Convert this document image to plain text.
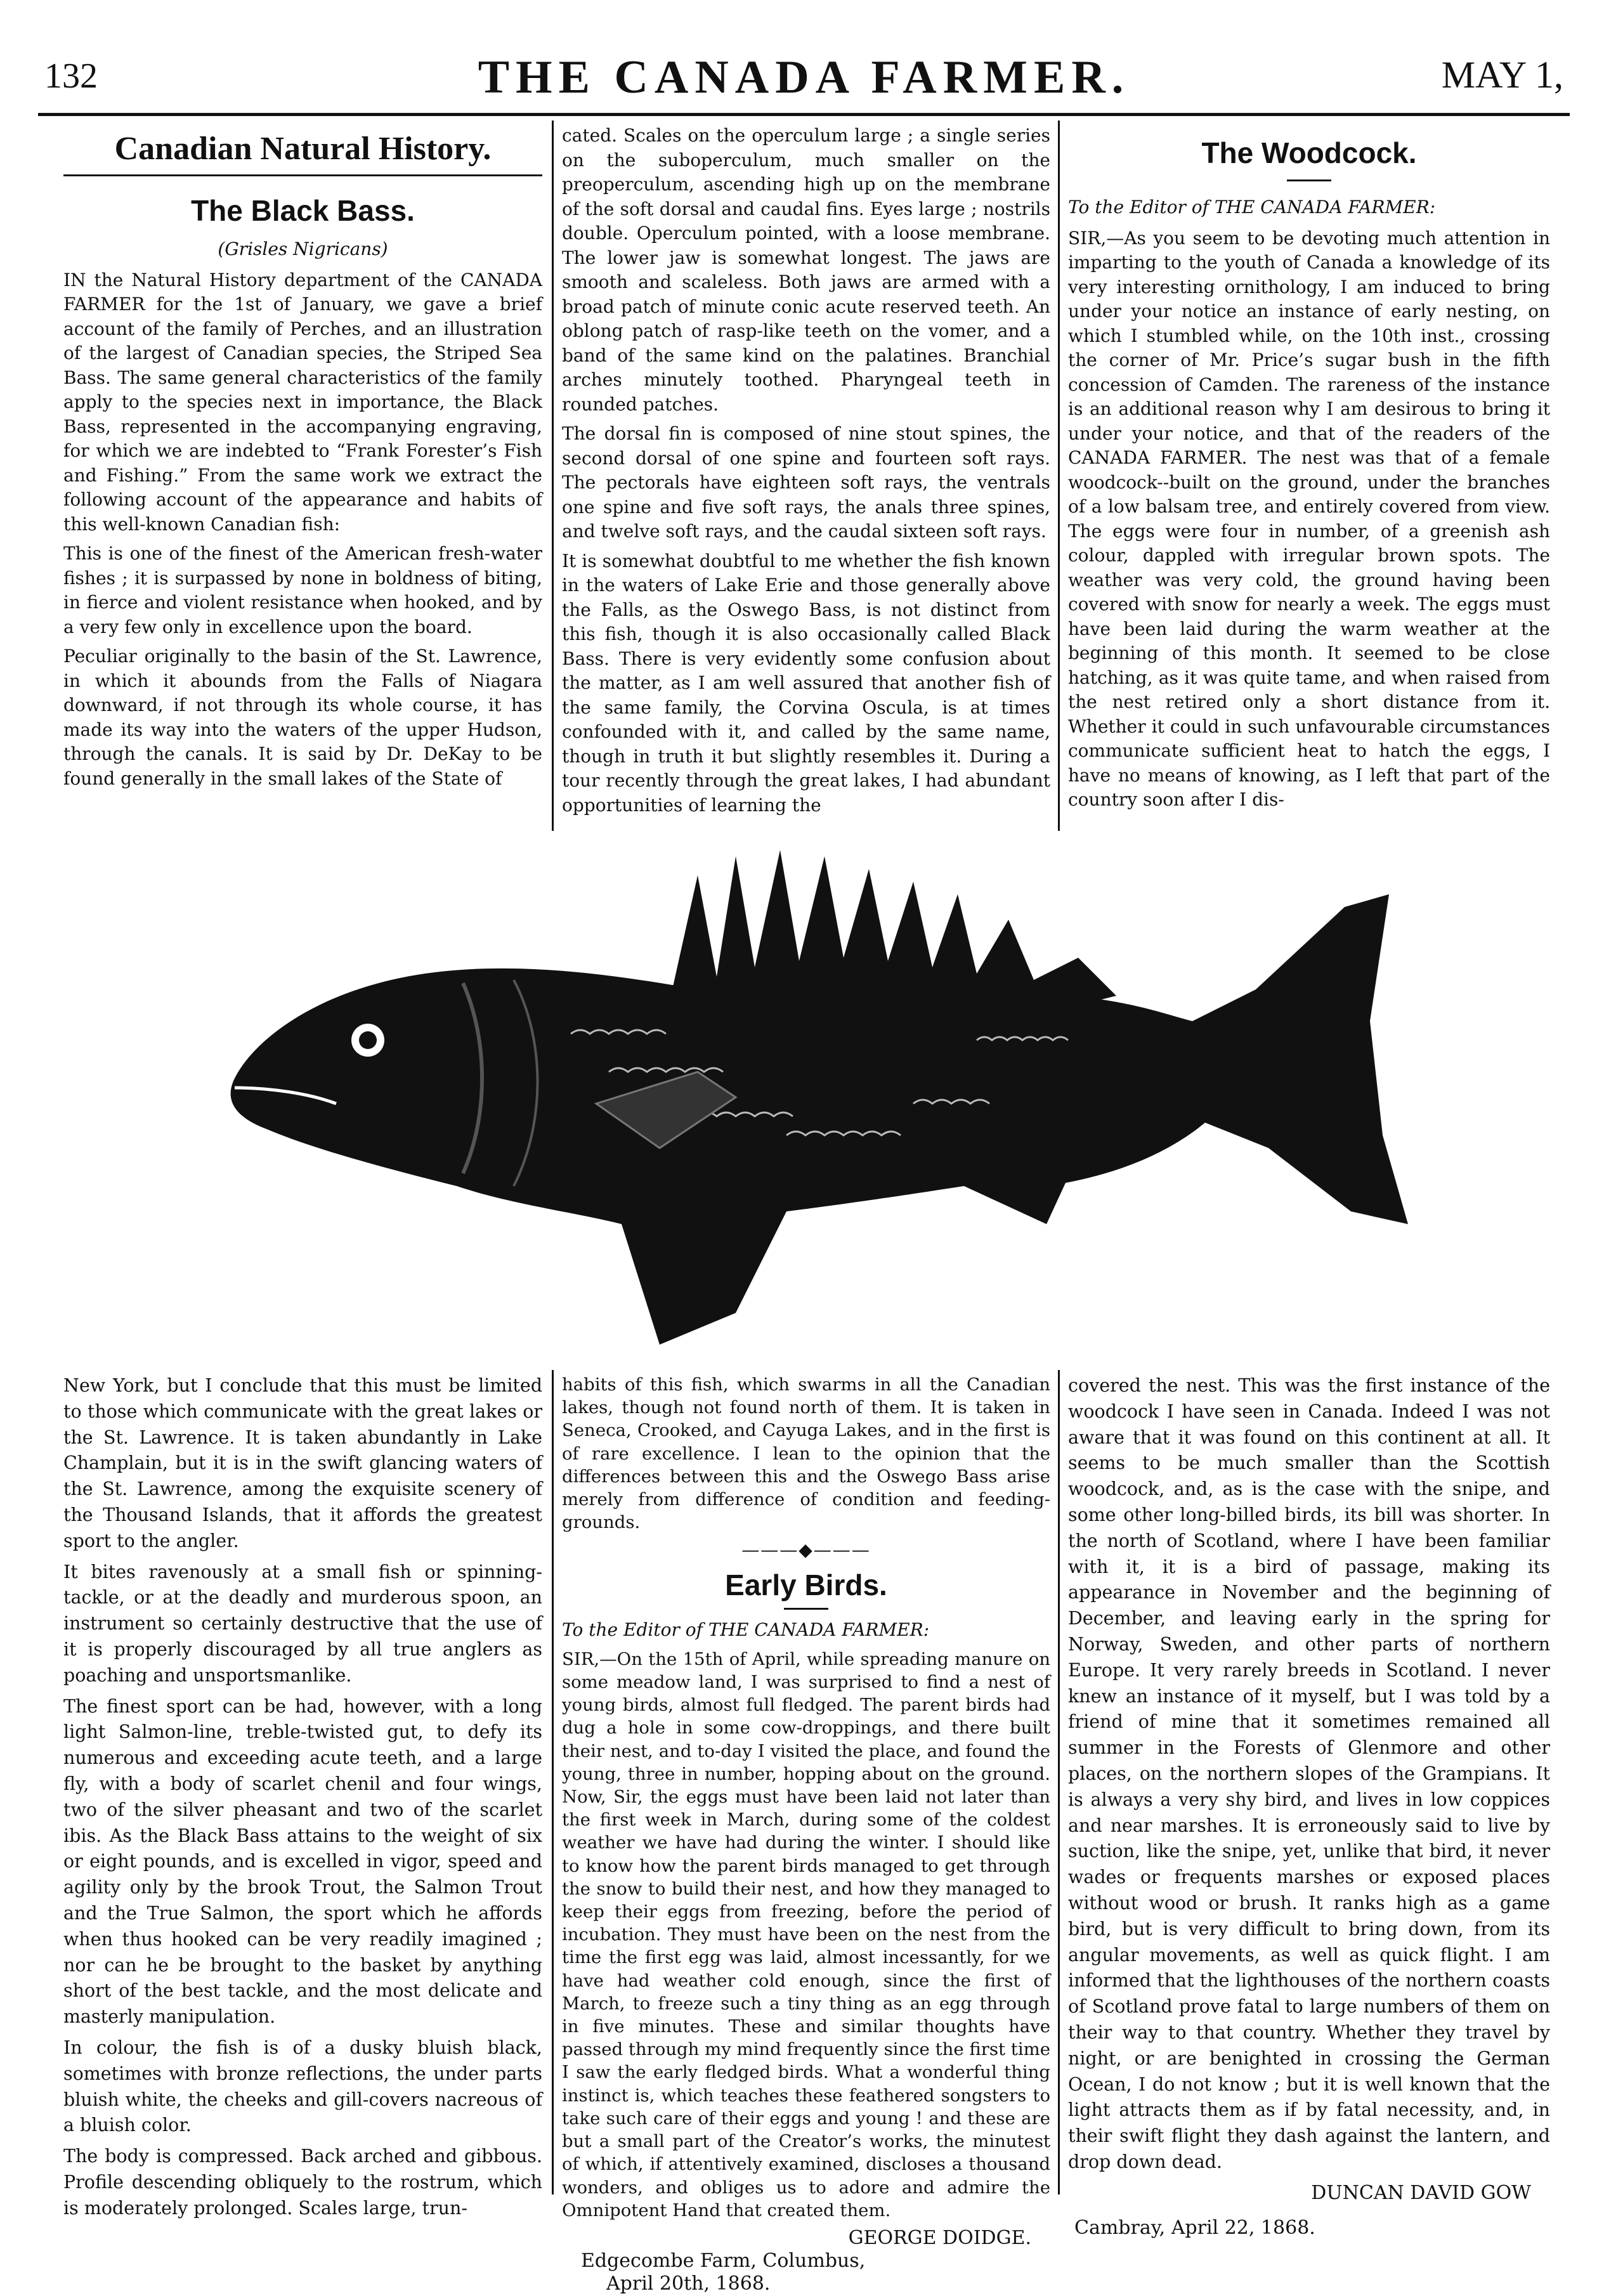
132	THE CANADA FARMER.	MAY 1,
Canadian Natural History.
The Black Bass.
(Grisles Nigricans)

IN the Natural History department of the CANADA FARMER for the 1st of January, we gave a brief account of the family of Perches, and an illustration of the largest of Canadian species, the Striped Sea Bass. The same general characteristics of the family apply to the species next in importance, the Black Bass, represented in the accompanying engraving, for which we are indebted to “Frank Forester’s Fish and Fishing.” From the same work we extract the following account of the appearance and habits of this well-known Canadian fish:

This is one of the finest of the American fresh-water fishes ; it is surpassed by none in boldness of biting, in fierce and violent resistance when hooked, and by a very few only in excellence upon the board.

Peculiar originally to the basin of the St. Lawrence, in which it abounds from the Falls of Niagara downward, if not through its whole course, it has made its way into the waters of the upper Hudson, through the canals. It is said by Dr. DeKay to be found generally in the small lakes of the State of

cated. Scales on the operculum large ; a single series on the suboperculum, much smaller on the preoperculum, ascending high up on the membrane of the soft dorsal and caudal fins. Eyes large ; nostrils double. Operculum pointed, with a loose membrane. The lower jaw is somewhat longest. The jaws are smooth and scaleless. Both jaws are armed with a broad patch of minute conic acute reserved teeth. An oblong patch of rasp-like teeth on the vomer, and a band of the same kind on the palatines. Branchial arches minutely toothed. Pharyngeal teeth in rounded patches.

The dorsal fin is composed of nine stout spines, the second dorsal of one spine and fourteen soft rays. The pectorals have eighteen soft rays, the ventrals one spine and five soft rays, the anals three spines, and twelve soft rays, and the caudal sixteen soft rays.

It is somewhat doubtful to me whether the fish known in the waters of Lake Erie and those generally above the Falls, as the Oswego Bass, is not distinct from this fish, though it is also occasionally called Black Bass. There is very evidently some confusion about the matter, as I am well assured that another fish of the same family, the Corvina Oscula, is at times confounded with it, and called by the same name, though in truth it but slightly resembles it. During a tour recently through the great lakes, I had abundant opportunities of learning the

The Woodcock.
To the Editor of THE CANADA FARMER:

SIR,—As you seem to be devoting much attention in imparting to the youth of Canada a knowledge of its very interesting ornithology, I am induced to bring under your notice an instance of early nesting, on which I stumbled while, on the 10th inst., crossing the corner of Mr. Price’s sugar bush in the fifth concession of Camden. The rareness of the instance is an additional reason why I am desirous to bring it under your notice, and that of the readers of the CANADA FARMER. The nest was that of a female woodcock--built on the ground, under the branches of a low balsam tree, and entirely covered from view. The eggs were four in number, of a greenish ash colour, dappled with irregular brown spots. The weather was very cold, the ground having been covered with snow for nearly a week. The eggs must have been laid during the warm weather at the beginning of this month. It seemed to be close hatching, as it was quite tame, and when raised from the nest retired only a short distance from it. Whether it could in such unfavourable circumstances communicate sufficient heat to hatch the eggs, I have no means of knowing, as I left that part of the country soon after I dis-

New York, but I conclude that this must be limited to those which communicate with the great lakes or the St. Lawrence. It is taken abundantly in Lake Champlain, but it is in the swift glancing waters of the St. Lawrence, among the exquisite scenery of the Thousand Islands, that it affords the greatest sport to the angler.

It bites ravenously at a small fish or spinning-tackle, or at the deadly and murderous spoon, an instrument so certainly destructive that the use of it is properly discouraged by all true anglers as poaching and unsportsmanlike.

The finest sport can be had, however, with a long light Salmon-line, treble-twisted gut, to defy its numerous and exceeding acute teeth, and a large fly, with a body of scarlet chenil and four wings, two of the silver pheasant and two of the scarlet ibis. As the Black Bass attains to the weight of six or eight pounds, and is excelled in vigor, speed and agility only by the brook Trout, the Salmon Trout and the True Salmon, the sport which he affords when thus hooked can be very readily imagined ; nor can he be brought to the basket by anything short of the best tackle, and the most delicate and masterly manipulation.

In colour, the fish is of a dusky bluish black, sometimes with bronze reflections, the under parts bluish white, the cheeks and gill-covers nacreous of a bluish color.

The body is compressed. Back arched and gibbous. Profile descending obliquely to the rostrum, which is moderately prolonged. Scales large, trun-

habits of this fish, which swarms in all the Canadian lakes, though not found north of them. It is taken in Seneca, Crooked, and Cayuga Lakes, and in the first is of rare excellence. I lean to the opinion that the differences between this and the Oswego Bass arise merely from difference of condition and feeding-grounds.

———◆———
Early Birds.
To the Editor of THE CANADA FARMER:

SIR,—On the 15th of April, while spreading manure on some meadow land, I was surprised to find a nest of young birds, almost full fledged. The parent birds had dug a hole in some cow-droppings, and there built their nest, and to-day I visited the place, and found the young, three in number, hopping about on the ground. Now, Sir, the eggs must have been laid not later than the first week in March, during some of the coldest weather we have had during the winter. I should like to know how the parent birds managed to get through the snow to build their nest, and how they managed to keep their eggs from freezing, before the period of incubation. They must have been on the nest from the time the first egg was laid, almost incessantly, for we have had weather cold enough, since the first of March, to freeze such a tiny thing as an egg through in five minutes. These and similar thoughts have passed through my mind frequently since the first time I saw the early fledged birds. What a wonderful thing instinct is, which teaches these feathered songsters to take such care of their eggs and young ! and these are but a small part of the Creator’s works, the minutest of which, if attentively examined, discloses a thousand wonders, and obliges us to adore and admire the Omnipotent Hand that created them.

GEORGE DOIDGE.
Edgecombe Farm, Columbus,
April 20th, 1868.

covered the nest. This was the first instance of the woodcock I have seen in Canada. Indeed I was not aware that it was found on this continent at all. It seems to be much smaller than the Scottish woodcock, and, as is the case with the snipe, and some other long-billed birds, its bill was shorter. In the north of Scotland, where I have been familiar with it, it is a bird of passage, making its appearance in November and the beginning of December, and leaving early in the spring for Norway, Sweden, and other parts of northern Europe. It very rarely breeds in Scotland. I never knew an instance of it myself, but I was told by a friend of mine that it sometimes remained all summer in the Forests of Glenmore and other places, on the northern slopes of the Grampians. It is always a very shy bird, and lives in low coppices and near marshes. It is erroneously said to live by suction, like the snipe, yet, unlike that bird, it never wades or frequents marshes or exposed places without wood or brush. It ranks high as a game bird, but is very difficult to bring down, from its angular movements, as well as quick flight. I am informed that the lighthouses of the northern coasts of Scotland prove fatal to large numbers of them on their way to that country. Whether they travel by night, or are benighted in crossing the German Ocean, I do not know ; but it is well known that the light attracts them as if by fatal necessity, and, in their swift flight they dash against the lantern, and drop down dead.

DUNCAN DAVID GOW
Cambray, April 22, 1868.
